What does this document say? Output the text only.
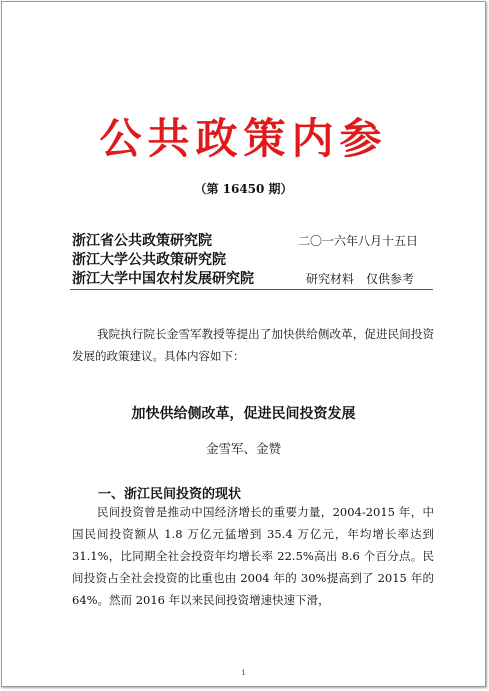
公共政策内参
（第 16450 期）
浙江省公共政策研究院
浙江大学公共政策研究院
浙江大学中国农村发展研究院
二〇一六年八月十五日
研究材料　仅供参考
我院执行院长金雪军教授等提出了加快供给侧改革，促进民间投资发展的政策建议。具体内容如下：
加快供给侧改革，促进民间投资发展
金雪军、金赞
一、浙江民间投资的现状
民间投资曾是推动中国经济增长的重要力量，2004-2015 年，中国民间投资额从 1.8 万亿元猛增到 35.4 万亿元，年均增长率达到 31.1%，比同期全社会投资年均增长率 22.5%高出 8.6 个百分点。民间投资占全社会投资的比重也由 2004 年的 30%提高到了 2015 年的 64%。然而 2016 年以来民间投资增速快速下滑，
1
